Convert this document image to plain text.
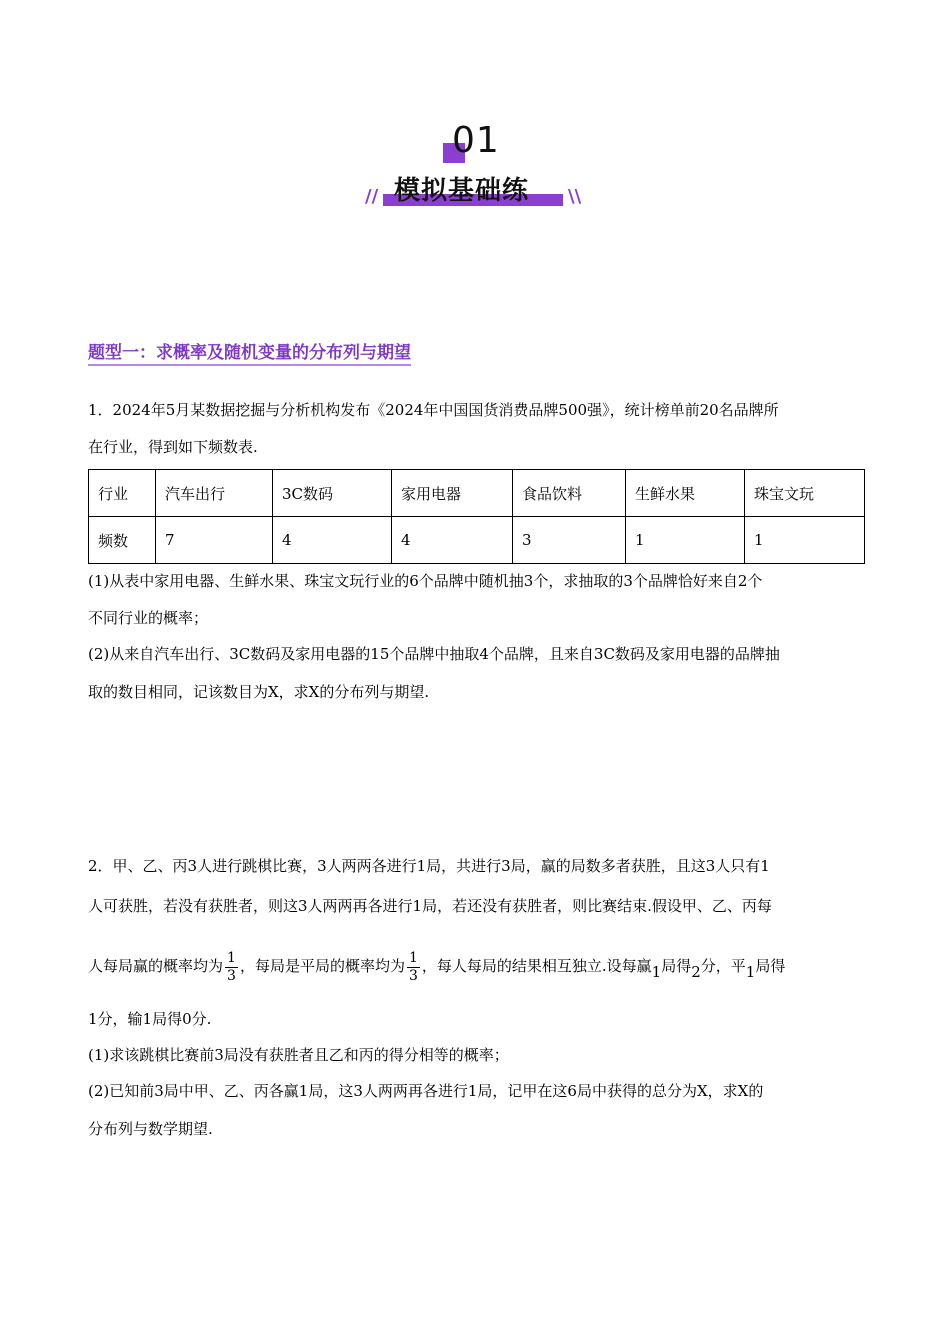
01
// 模拟基础练 \\
题型一：求概率及随机变量的分布列与期望
1．2024年5月某数据挖掘与分析机构发布《2024年中国国货消费品牌500强》，统计榜单前20名品牌所
在行业，得到如下频数表.
行业	汽车出行	3C数码	家用电器	食品饮料	生鲜水果	珠宝文玩
频数	7	4	4	3	1	1
(1)从表中家用电器、生鲜水果、珠宝文玩行业的6个品牌中随机抽3个，求抽取的3个品牌恰好来自2个
不同行业的概率；
(2)从来自汽车出行、3C数码及家用电器的15个品牌中抽取4个品牌，且来自3C数码及家用电器的品牌抽
取的数目相同，记该数目为X，求X的分布列与期望.
2．甲、乙、丙3人进行跳棋比赛，3人两两各进行1局，共进行3局，赢的局数多者获胜，且这3人只有1
人可获胜，若没有获胜者，则这3人两两再各进行1局，若还没有获胜者，则比赛结束.假设甲、乙、丙每
人每局赢的概率均为 $\frac{1}{3}$ ，每局是平局的概率均为 $\frac{1}{3}$ ，每人每局的结果相互独立.设每赢1局得2分，平1局得
1分，输1局得0分.
(1)求该跳棋比赛前3局没有获胜者且乙和丙的得分相等的概率；
(2)已知前3局中甲、乙、丙各赢1局，这3人两两再各进行1局，记甲在这6局中获得的总分为X，求X的
分布列与数学期望.
